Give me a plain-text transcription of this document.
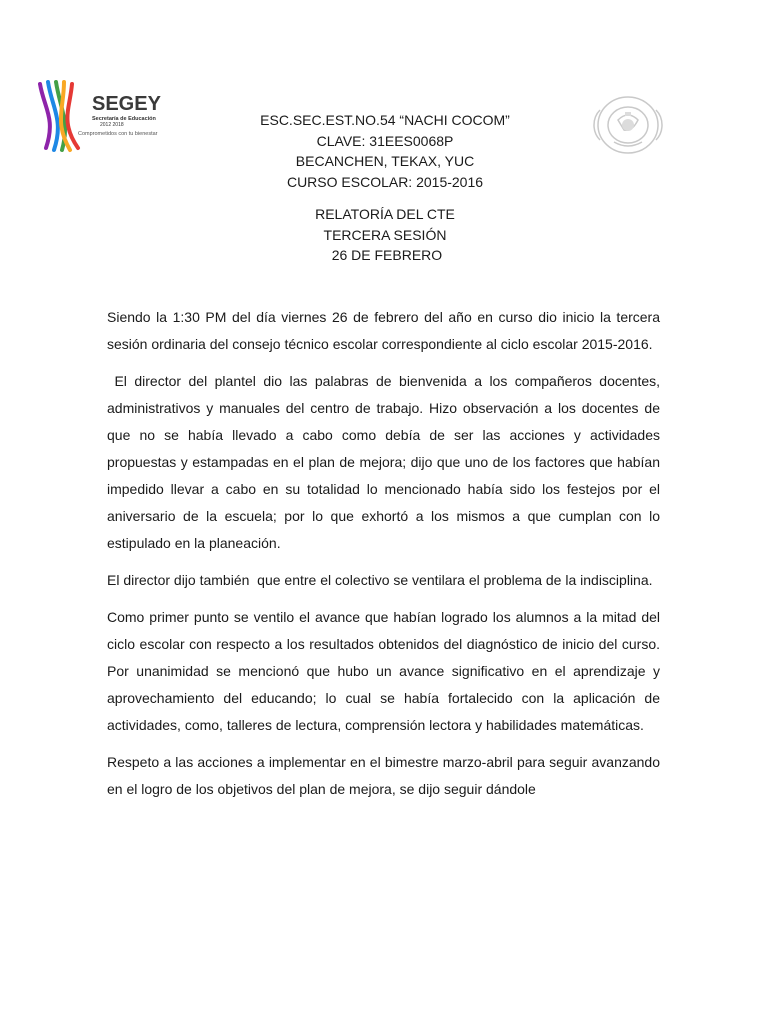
SEGEY
Secretaría de Educación
2012 2018
Comprometidos con tu bienestar
ESC.SEC.EST.NO.54 “NACHI COCOM”
CLAVE: 31EES0068P
BECANCHEN, TEKAX, YUC
CURSO ESCOLAR: 2015-2016
RELATORÍA DEL CTE
TERCERA SESIÓN
26 DE FEBRERO

Siendo la 1:30 PM del día viernes 26 de febrero del año en curso dio inicio la tercera sesión ordinaria del consejo técnico escolar correspondiente al ciclo escolar 2015-2016.

El director del plantel dio las palabras de bienvenida a los compañeros docentes, administrativos y manuales del centro de trabajo. Hizo observación a los docentes de que no se había llevado a cabo como debía de ser las acciones y actividades propuestas y estampadas en el plan de mejora; dijo que uno de los factores que habían impedido llevar a cabo en su totalidad lo mencionado había sido los festejos por el aniversario de la escuela; por lo que exhortó a los mismos a que cumplan con lo estipulado en la planeación.

El director dijo también  que entre el colectivo se ventilara el problema de la indisciplina.

Como primer punto se ventilo el avance que habían logrado los alumnos a la mitad del ciclo escolar con respecto a los resultados obtenidos del diagnóstico de inicio del curso. Por unanimidad se mencionó que hubo un avance significativo en el aprendizaje y aprovechamiento del educando; lo cual se había fortalecido con la aplicación de actividades, como, talleres de lectura, comprensión lectora y habilidades matemáticas.

Respeto a las acciones a implementar en el bimestre marzo-abril para seguir avanzando en el logro de los objetivos del plan de mejora, se dijo seguir dándole
